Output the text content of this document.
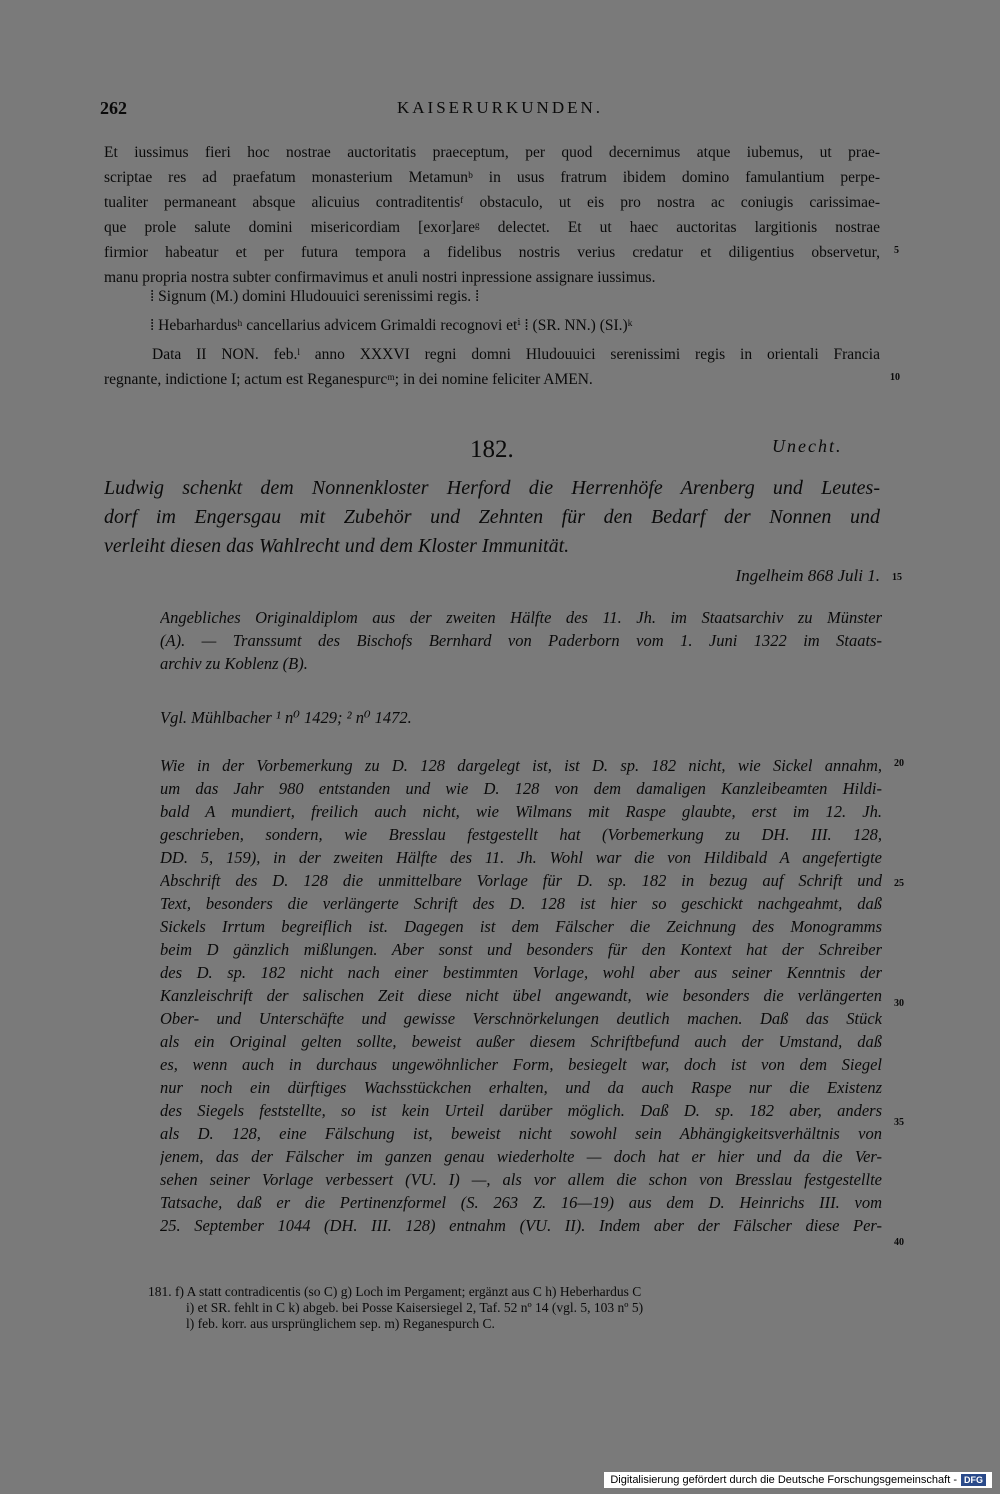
262	KAISERURKUNDEN.
Et iussimus fieri hoc nostrae auctoritatis praeceptum, per quod decernimus atque iubemus, ut prae-
scriptae res ad praefatum monasterium Metamunᵇ in usus fratrum ibidem domino famulantium perpe-
tualiter permaneant absque alicuius contraditentisᶠ obstaculo, ut eis pro nostra ac coniugis carissimae-
que prole salute domini misericordiam [exor]areᵍ delectet. Et ut haec auctoritas largitionis nostrae
firmior habeatur et per futura tempora a fidelibus nostris verius credatur et diligentius observetur,
manu propria nostra subter confirmavimus et anuli nostri inpressione assignare iussimus.
⁞ Signum (M.) domini Hludouuici serenissimi regis. ⁞
⁞ Hebarhardusʰ cancellarius advicem Grimaldi recognovi etⁱ ⁞ (SR. NN.) (SI.)ᵏ
Data II NON. feb.ˡ anno XXXVI regni domni Hludouuici serenissimi regis in orientali Francia
regnante, indictione I; actum est Reganespurcᵐ; in dei nomine feliciter AMEN.
5
10
182.	Unecht.
Ludwig schenkt dem Nonnenkloster Herford die Herrenhöfe Arenberg und Leutes-
dorf im Engersgau mit Zubehör und Zehnten für den Bedarf der Nonnen und
verleiht diesen das Wahlrecht und dem Kloster Immunität.
Ingelheim 868 Juli 1. 15
Angebliches Originaldiplom aus der zweiten Hälfte des 11. Jh. im Staatsarchiv zu Münster
(A). — Transsumt des Bischofs Bernhard von Paderborn vom 1. Juni 1322 im Staats-
archiv zu Koblenz (B).
Vgl. Mühlbacher ¹ n⁰ 1429; ² n⁰ 1472.
Wie in der Vorbemerkung zu D. 128 dargelegt ist, ist D. sp. 182 nicht, wie Sickel annahm,
um das Jahr 980 entstanden und wie D. 128 von dem damaligen Kanzleibeamten Hildi-
bald A mundiert, freilich auch nicht, wie Wilmans mit Raspe glaubte, erst im 12. Jh.
geschrieben, sondern, wie Bresslau festgestellt hat (Vorbemerkung zu DH. III. 128,
DD. 5, 159), in der zweiten Hälfte des 11. Jh. Wohl war die von Hildibald A angefertigte
Abschrift des D. 128 die unmittelbare Vorlage für D. sp. 182 in bezug auf Schrift und
Text, besonders die verlängerte Schrift des D. 128 ist hier so geschickt nachgeahmt, daß
Sickels Irrtum begreiflich ist. Dagegen ist dem Fälscher die Zeichnung des Monogramms
beim D gänzlich mißlungen. Aber sonst und besonders für den Kontext hat der Schreiber
des D. sp. 182 nicht nach einer bestimmten Vorlage, wohl aber aus seiner Kenntnis der
Kanzleischrift der salischen Zeit diese nicht übel angewandt, wie besonders die verlängerten
Ober- und Unterschäfte und gewisse Verschnörkelungen deutlich machen. Daß das Stück
als ein Original gelten sollte, beweist außer diesem Schriftbefund auch der Umstand, daß
es, wenn auch in durchaus ungewöhnlicher Form, besiegelt war, doch ist von dem Siegel
nur noch ein dürftiges Wachsstückchen erhalten, und da auch Raspe nur die Existenz
des Siegels feststellte, so ist kein Urteil darüber möglich. Daß D. sp. 182 aber, anders
als D. 128, eine Fälschung ist, beweist nicht sowohl sein Abhängigkeitsverhältnis von
jenem, das der Fälscher im ganzen genau wiederholte — doch hat er hier und da die Ver-
sehen seiner Vorlage verbessert (VU. I) —, als vor allem die schon von Bresslau festgestellte
Tatsache, daß er die Pertinenzformel (S. 263 Z. 16—19) aus dem D. Heinrichs III. vom
25. September 1044 (DH. III. 128) entnahm (VU. II). Indem aber der Fälscher diese Per-
20
25
30
35
40
181. f) A statt contradicentis (so C) g) Loch im Pergament; ergänzt aus C h) Heberhardus C
i) et SR. fehlt in C k) abgeb. bei Posse Kaisersiegel 2, Taf. 52 nº 14 (vgl. 5, 103 nº 5)
l) feb. korr. aus ursprünglichem sep. m) Reganespurch C.
Digitalisierung gefördert durch die Deutsche Forschungsgemeinschaft - DFG
